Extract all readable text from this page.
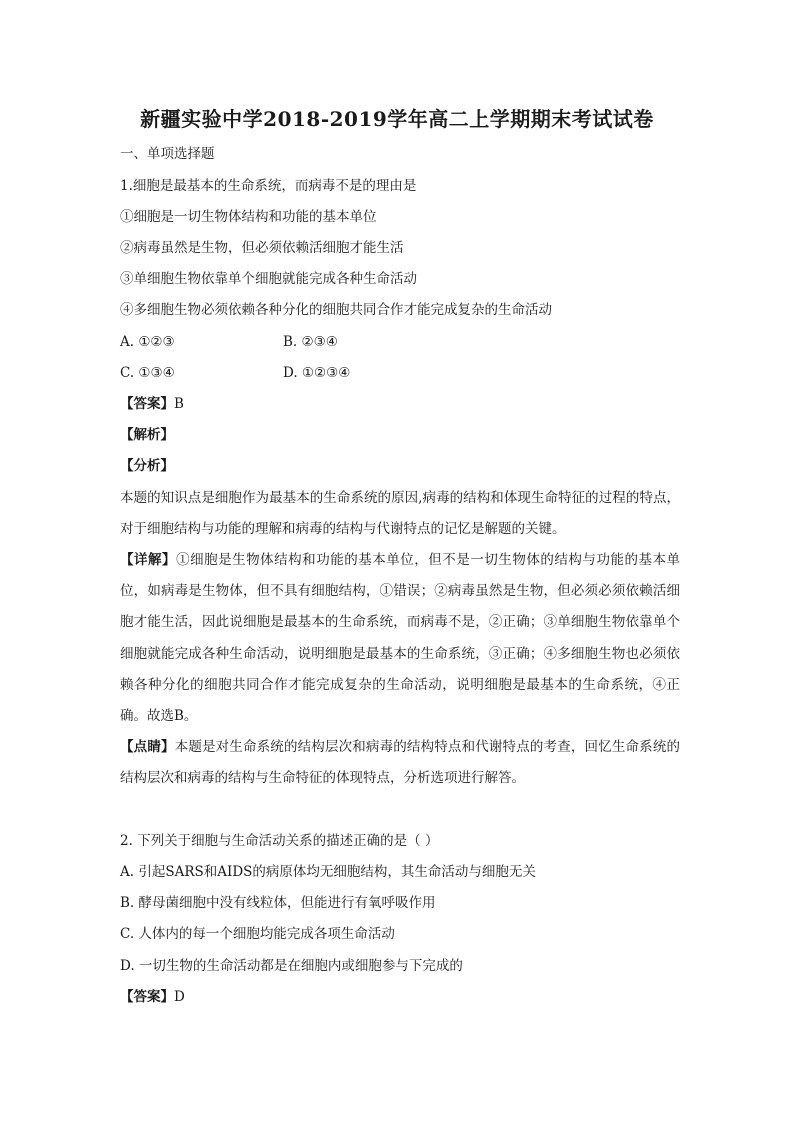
新疆实验中学2018-2019学年高二上学期期末考试试卷
一、单项选择题
1.细胞是最基本的生命系统，而病毒不是的理由是
①细胞是一切生物体结构和功能的基本单位
②病毒虽然是生物，但必须依赖活细胞才能生活
③单细胞生物依靠单个细胞就能完成各种生命活动
④多细胞生物必须依赖各种分化的细胞共同合作才能完成复杂的生命活动
A. ①②③	B. ②③④
C. ①③④	D. ①②③④
【答案】B
【解析】
【分析】
本题的知识点是细胞作为最基本的生命系统的原因,病毒的结构和体现生命特征的过程的特点，对于细胞结构与功能的理解和病毒的结构与代谢特点的记忆是解题的关键。
【详解】①细胞是生物体结构和功能的基本单位，但不是一切生物体的结构与功能的基本单位，如病毒是生物体，但不具有细胞结构，①错误；②病毒虽然是生物，但必须必须依赖活细胞才能生活，因此说细胞是最基本的生命系统，而病毒不是，②正确；③单细胞生物依靠单个细胞就能完成各种生命活动，说明细胞是最基本的生命系统，③正确；④多细胞生物也必须依赖各种分化的细胞共同合作才能完成复杂的生命活动，说明细胞是最基本的生命系统，④正确。故选B。
【点睛】本题是对生命系统的结构层次和病毒的结构特点和代谢特点的考查，回忆生命系统的结构层次和病毒的结构与生命特征的体现特点，分析选项进行解答。
2. 下列关于细胞与生命活动关系的描述正确的是（ ）
A. 引起SARS和AIDS的病原体均无细胞结构，其生命活动与细胞无关
B. 酵母菌细胞中没有线粒体，但能进行有氧呼吸作用
C. 人体内的每一个细胞均能完成各项生命活动
D. 一切生物的生命活动都是在细胞内或细胞参与下完成的
【答案】D
